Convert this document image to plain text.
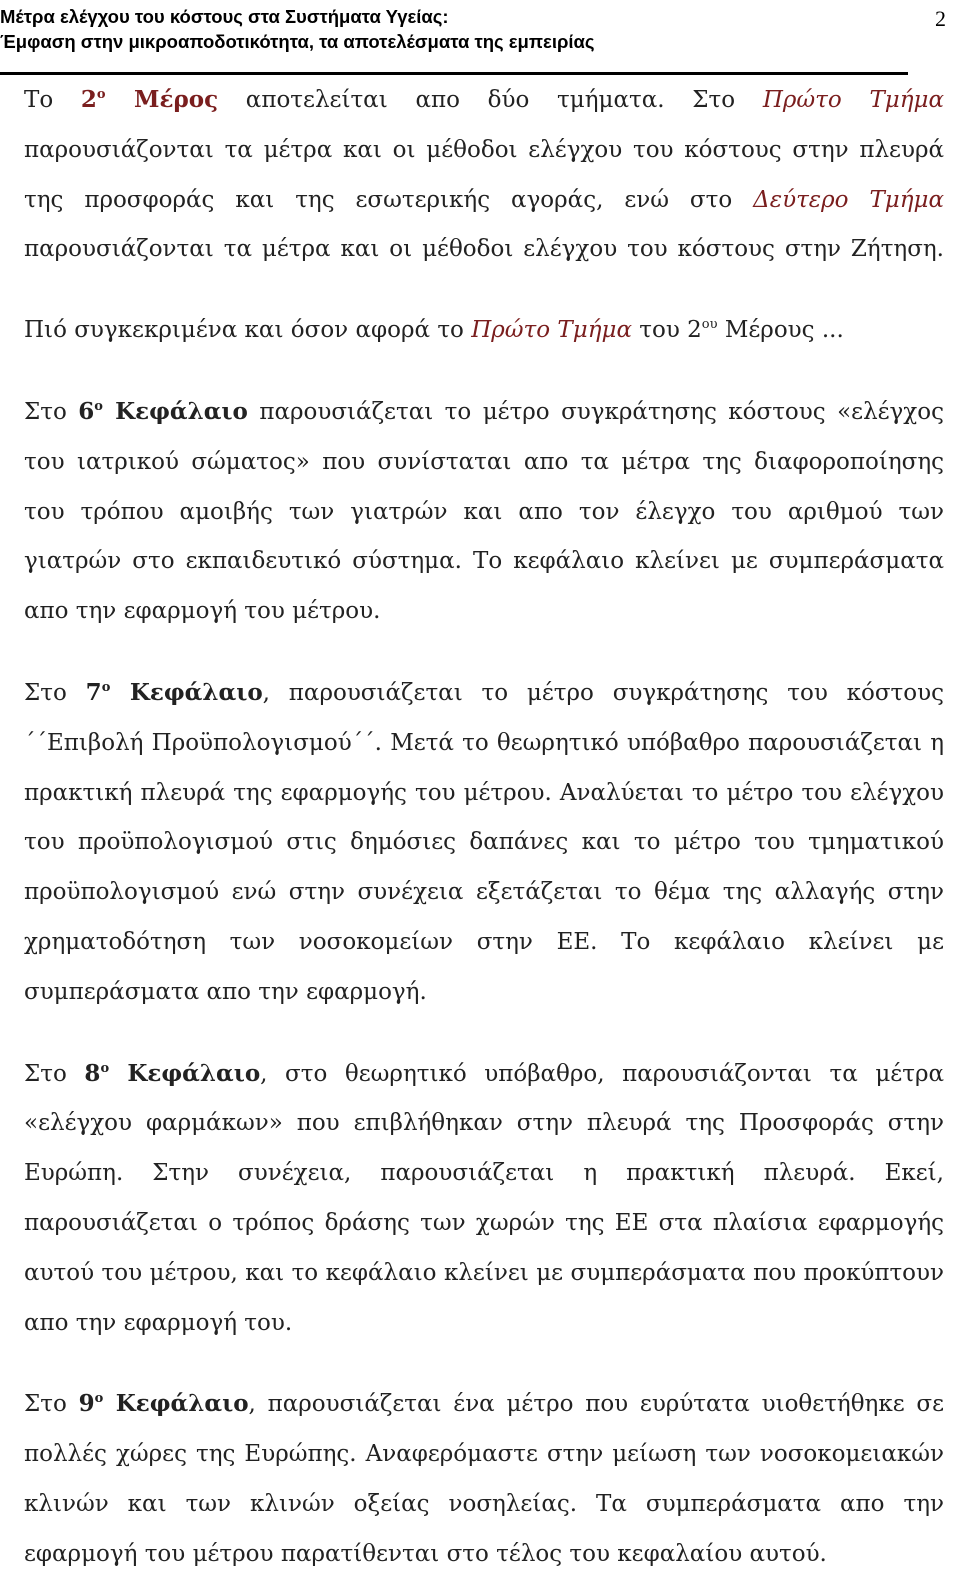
Μέτρα ελέγχου του κόστους στα Συστήματα Υγείας:
Έμφαση στην μικροαποδοτικότητα, τα αποτελέσματα της εμπειρίας
2

Το $2^o$ Μέρος αποτελείται απο δύο τμήματα. Στο Πρώτο Τμήμα παρουσιάζονται τα μέτρα και οι μέθοδοι ελέγχου του κόστους στην πλευρά της προσφοράς και της εσωτερικής αγοράς, ενώ στο Δεύτερο Τμήμα παρουσιάζονται τα μέτρα και οι μέθοδοι ελέγχου του κόστους στην Ζήτηση.

Πιό συγκεκριμένα και όσον αφορά το Πρώτο Τμήμα του $2^{o\upsilon}$ Μέρους ...

Στο $6^o$ Κεφάλαιο παρουσιάζεται το μέτρο συγκράτησης κόστους «ελέγχος του ιατρικού σώματος» που συνίσταται απο τα μέτρα της διαφοροποίησης του τρόπου αμοιβής των γιατρών και απο τον έλεγχο του αριθμού των γιατρών στο εκπαιδευτικό σύστημα. Το κεφάλαιο κλείνει με συμπεράσματα απο την εφαρμογή του μέτρου.

Στο $7^o$ Κεφάλαιο, παρουσιάζεται το μέτρο συγκράτησης του κόστους ΄΄Επιβολή Προϋπολογισμού΄΄. Μετά το θεωρητικό υπόβαθρο παρουσιάζεται η πρακτική πλευρά της εφαρμογής του μέτρου. Αναλύεται το μέτρο του ελέγχου του προϋπολογισμού στις δημόσιες δαπάνες και το μέτρο του τμηματικού προϋπολογισμού ενώ στην συνέχεια εξετάζεται το θέμα της αλλαγής στην χρηματοδότηση των νοσοκομείων στην ΕΕ. Το κεφάλαιο κλείνει με συμπεράσματα απο την εφαρμογή.

Στο $8^o$ Κεφάλαιο, στο θεωρητικό υπόβαθρο, παρουσιάζονται τα μέτρα «ελέγχου φαρμάκων» που επιβλήθηκαν στην πλευρά της Προσφοράς στην Ευρώπη. Στην συνέχεια, παρουσιάζεται η πρακτική πλευρά. Εκεί, παρουσιάζεται ο τρόπος δράσης των χωρών της ΕΕ στα πλαίσια εφαρμογής αυτού του μέτρου, και το κεφάλαιο κλείνει με συμπεράσματα που προκύπτουν απο την εφαρμογή του.

Στο $9^o$ Κεφάλαιο, παρουσιάζεται ένα μέτρο που ευρύτατα υιοθετήθηκε σε πολλές χώρες της Ευρώπης. Αναφερόμαστε στην μείωση των νοσοκομειακών κλινών και των κλινών οξείας νοσηλείας. Τα συμπεράσματα απο την εφαρμογή του μέτρου παρατίθενται στο τέλος του κεφαλαίου αυτού.
